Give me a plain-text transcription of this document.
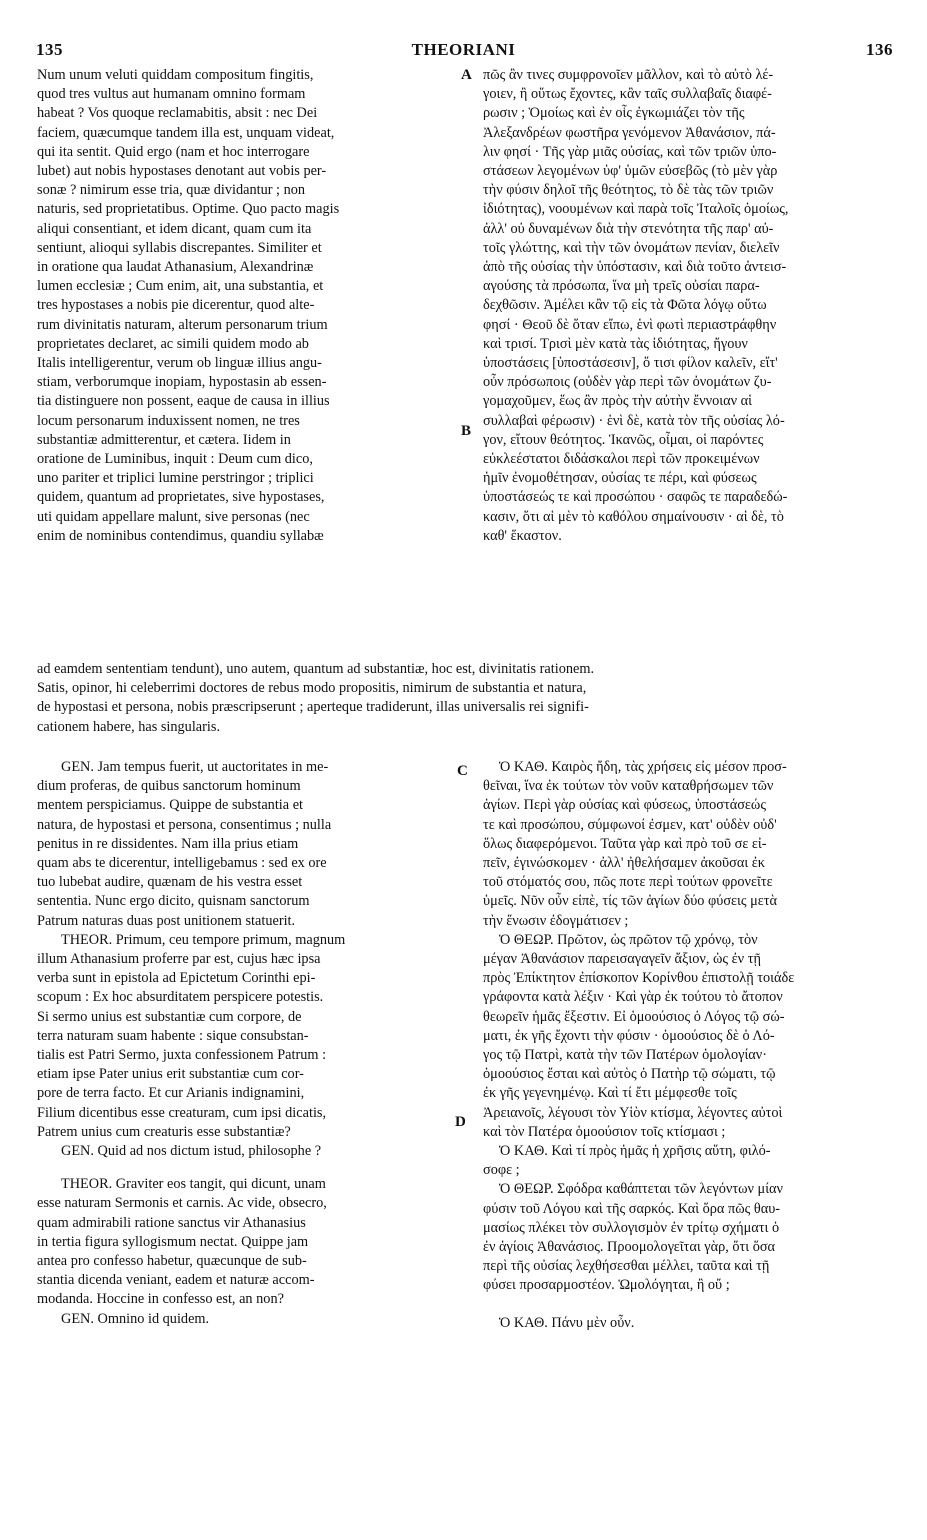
135	THEORIANI	136
A
B
C
D
Num unum veluti quiddam compositum fingitis,
quod tres vultus aut humanam omnino formam
habeat ? Vos quoque reclamabitis, absit : nec Dei
faciem, quæcumque tandem illa est, unquam videat,
qui ita sentit. Quid ergo (nam et hoc interrogare
lubet) aut nobis hypostases denotant aut vobis per-
sonæ ? nimirum esse tria, quæ dividantur ; non
naturis, sed proprietatibus. Optime. Quo pacto magis
aliqui consentiant, et idem dicant, quam cum ita
sentiunt, alioqui syllabis discrepantes. Similiter et
in oratione qua laudat Athanasium, Alexandrinæ
lumen ecclesiæ ; Cum enim, ait, una substantia, et
tres hypostases a nobis pie dicerentur, quod alte-
rum divinitatis naturam, alterum personarum trium
proprietates declaret, ac simili quidem modo ab
Italis intelligerentur, verum ob linguæ illius angu-
stiam, verborumque inopiam, hypostasin ab essen-
tia distinguere non possent, eaque de causa in illius
locum personarum induxissent nomen, ne tres
substantiæ admitterentur, et cætera. Iidem in
oratione de Luminibus, inquit : Deum cum dico,
uno pariter et triplici lumine perstringor ; triplici
quidem, quantum ad proprietates, sive hypostases,
uti quidam appellare malunt, sive personas (nec
enim de nominibus contendimus, quandiu syllabæ
πῶς ἂν τινες συμφρονοῖεν μᾶλλον, καὶ τὸ αὐτὸ λέ-
γοιεν, ἢ οὕτως ἔχοντες, κἂν ταῖς συλλαβαῖς διαφέ-
ρωσιν ; Ὁμοίως καὶ ἐν οἷς ἐγκωμιάζει τὸν τῆς
Ἀλεξανδρέων φωστῆρα γενόμενον Ἀθανάσιον, πά-
λιν φησί · Τῆς γὰρ μιᾶς οὐσίας, καὶ τῶν τριῶν ὑπο-
στάσεων λεγομένων ὑφ' ὑμῶν εὐσεβῶς (τὸ μὲν γὰρ
τὴν φύσιν δηλοῖ τῆς θεότητος, τὸ δὲ τὰς τῶν τριῶν
ἰδιότητας), νοουμένων καὶ παρὰ τοῖς Ἰταλοῖς ὁμοίως,
ἀλλ' οὐ δυναμένων διὰ τὴν στενότητα τῆς παρ' αὐ-
τοῖς γλώττης, καὶ τὴν τῶν ὀνομάτων πενίαν, διελεῖν
ἀπὸ τῆς οὐσίας τὴν ὑπόστασιν, καὶ διὰ τοῦτο ἀντεισ-
αγούσης τὰ πρόσωπα, ἵνα μὴ τρεῖς οὐσίαι παρα-
δεχθῶσιν. Ἀμέλει κἂν τῷ εἰς τὰ Φῶτα λόγῳ οὕτω
φησί · Θεοῦ δὲ ὅταν εἴπω, ἑνὶ φωτὶ περιαστράφθην
καὶ τρισί. Τρισὶ μὲν κατὰ τὰς ἰδιότητας, ἤγουν
ὑποστάσεις [ὑποστάσεσιν], ὅ τισι φίλον καλεῖν, εἴτ'
οὖν πρόσωποις (οὐδὲν γὰρ περὶ τῶν ὀνομάτων ζυ-
γομαχοῦμεν, ἕως ἂν πρὸς τὴν αὐτὴν ἔννοιαν αἱ
συλλαβαὶ φέρωσιν) · ἑνὶ δὲ, κατὰ τὸν τῆς οὐσίας λό-
γον, εἴτουν θεότητος. Ἱκανῶς, οἶμαι, οἱ παρόντες
εὐκλεέστατοι διδάσκαλοι περὶ τῶν προκειμένων
ἡμῖν ἐνομοθέτησαν, οὐσίας τε πέρι, καὶ φύσεως
ὑποστάσεώς τε καὶ προσώπου · σαφῶς τε παραδεδώ-
κασιν, ὅτι αἱ μὲν τὸ καθόλου σημαίνουσιν · αἱ δὲ, τὸ
καθ' ἕκαστον.
ad eamdem sententiam tendunt), uno autem, quantum ad substantiæ, hoc est, divinitatis rationem.
Satis, opinor, hi celeberrimi doctores de rebus modo propositis, nimirum de substantia et natura,
de hypostasi et persona, nobis præscripserunt ; aperteque tradiderunt, illas universalis rei signifi-
cationem habere, has singularis.
GEN. Jam tempus fuerit, ut auctoritates in me-
dium proferas, de quibus sanctorum hominum
mentem perspiciamus. Quippe de substantia et
natura, de hypostasi et persona, consentimus ; nulla
penitus in re dissidentes. Nam illa prius etiam
quam abs te dicerentur, intelligebamus : sed ex ore
tuo lubebat audire, quænam de his vestra esset
sententia. Nunc ergo dicito, quisnam sanctorum
Patrum naturas duas post unitionem statuerit.
THEOR. Primum, ceu tempore primum, magnum
illum Athanasium proferre par est, cujus hæc ipsa
verba sunt in epistola ad Epictetum Corinthi epi-
scopum : Ex hoc absurditatem perspicere potestis.
Si sermo unius est substantiæ cum corpore, de
terra naturam suam habente : sique consubstan-
tialis est Patri Sermo, juxta confessionem Patrum :
etiam ipse Pater unius erit substantiæ cum cor-
pore de terra facto. Et cur Arianis indignamini,
Filium dicentibus esse creaturam, cum ipsi dicatis,
Patrem unius cum creaturis esse substantiæ?
GEN. Quid ad nos dictum istud, philosophe ?
THEOR. Graviter eos tangit, qui dicunt, unam
esse naturam Sermonis et carnis. Ac vide, obsecro,
quam admirabili ratione sanctus vir Athanasius
in tertia figura syllogismum nectat. Quippe jam
antea pro confesso habetur, quæcunque de sub-
stantia dicenda veniant, eadem et naturæ accom-
modanda. Hoccine in confesso est, an non?
GEN. Omnino id quidem.
Ὁ ΚΑΘ. Καιρὸς ἤδη, τὰς χρήσεις εἰς μέσον προσ-
θεῖναι, ἵνα ἐκ τούτων τὸν νοῦν καταθρήσωμεν τῶν
ἁγίων. Περὶ γὰρ οὐσίας καὶ φύσεως, ὑποστάσεώς
τε καὶ προσώπου, σύμφωνοί ἐσμεν, κατ' οὐδὲν οὐδ'
ὅλως διαφερόμενοι. Ταῦτα γὰρ καὶ πρὸ τοῦ σε εἰ-
πεῖν, ἐγινώσκομεν · ἀλλ' ἠθελήσαμεν ἀκοῦσαι ἐκ
τοῦ στόματός σου, πῶς ποτε περὶ τούτων φρονεῖτε
ὑμεῖς. Νῦν οὖν εἰπὲ, τίς τῶν ἁγίων δύο φύσεις μετὰ
τὴν ἕνωσιν ἐδογμάτισεν ;
Ὁ ΘΕΩΡ. Πρῶτον, ὡς πρῶτον τῷ χρόνῳ, τὸν
μέγαν Ἀθανάσιον παρεισαγαγεῖν ἄξιον, ὡς ἐν τῇ
πρὸς Ἐπίκτητον ἐπίσκοπον Κορίνθου ἐπιστολῇ τοιάδε
γράφοντα κατὰ λέξιν · Καὶ γὰρ ἐκ τούτου τὸ ἄτοπον
θεωρεῖν ἡμᾶς ἔξεστιν. Εἰ ὁμοούσιος ὁ Λόγος τῷ σώ-
ματι, ἐκ γῆς ἔχοντι τὴν φύσιν · ὁμοούσιος δὲ ὁ Λό-
γος τῷ Πατρὶ, κατὰ τὴν τῶν Πατέρων ὁμολογίαν·
ὁμοούσιος ἔσται καὶ αὐτὸς ὁ Πατὴρ τῷ σώματι, τῷ
ἐκ γῆς γεγενημένῳ. Καὶ τί ἔτι μέμφεσθε τοῖς
Ἀρειανοῖς, λέγουσι τὸν Υἱὸν κτίσμα, λέγοντες αὐτοὶ
καὶ τὸν Πατέρα ὁμοούσιον τοῖς κτίσμασι ;
Ὁ ΚΑΘ. Καὶ τί πρὸς ἡμᾶς ἡ χρῆσις αὕτη, φιλό-
σοφε ;
Ὁ ΘΕΩΡ. Σφόδρα καθάπτεται τῶν λεγόντων μίαν
φύσιν τοῦ Λόγου καὶ τῆς σαρκός. Καὶ ὅρα πῶς θαυ-
μασίως πλέκει τὸν συλλογισμὸν ἐν τρίτῳ σχήματι ὁ
ἐν ἁγίοις Ἀθανάσιος. Προομολογεῖται γὰρ, ὅτι ὅσα
περὶ τῆς οὐσίας λεχθήσεσθαι μέλλει, ταῦτα καὶ τῇ
φύσει προσαρμοστέον. Ὡμολόγηται, ἢ οὔ ;
Ὁ ΚΑΘ. Πάνυ μὲν οὖν.
